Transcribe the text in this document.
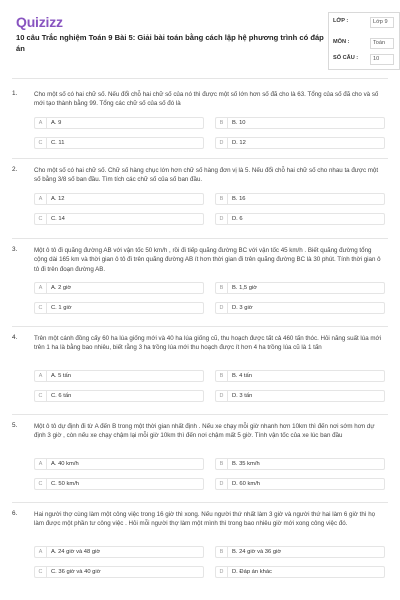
Quizizz
10 câu Trắc nghiệm Toán 9 Bài 5: Giải bài toán bằng cách lập hệ phương trình có đáp án
LỚP :	Lớp 9
MÔN :	Toán
SỐ CÂU :	10
1.	Cho một số có hai chữ số. Nếu đổi chỗ hai chữ số của nó thì được một số lớn hơn số đã cho là 63. Tổng của số đã cho và số mới tạo thành bằng 99. Tổng các chữ số của số đó là
A	A. 9	B	B. 10
C	C. 11	D	D. 12
2.	Cho một số có hai chữ số. Chữ số hàng chục lớn hơn chữ số hàng đơn vị là 5. Nếu đổi chỗ hai chữ số cho nhau ta được một số bằng 3/8 số ban đầu. Tìm tích các chữ số của số ban đầu.
A	A. 12	B	B. 16
C	C. 14	D	D. 6
3.	Một ô tô đi quãng đường AB với vận tốc 50 km/h , rồi đi tiếp quãng đường BC với vận tốc 45 km/h . Biết quãng đường tổng cộng dài 165 km và thời gian ô tô đi trên quãng đường AB ít hơn thời gian đi trên quãng đường BC là 30 phút. Tính thời gian ô tô đi trên đoạn đường AB.
A	A. 2 giờ	B	B. 1,5 giờ
C	C. 1 giờ	D	D. 3 giờ
4.	Trên một cánh đồng cấy 60 ha lúa giống mới và 40 ha lúa giống cũ, thu hoạch được tất cả 460 tấn thóc. Hỏi năng suất lúa mới trên 1 ha là bằng bao nhiêu, biết rằng 3 ha trồng lúa mới thu hoạch được ít hơn 4 ha trồng lúa cũ là 1 tấn
A	A. 5 tấn	B	B. 4 tấn
C	C. 6 tấn	D	D. 3 tấn
5.	Một ô tô dự định đi từ A đến B trong một thời gian nhất định . Nếu xe chạy mỗi giờ nhanh hơn 10km thì đến nơi sớm hơn dự định 3 giờ , còn nếu xe chạy chậm lại mỗi giờ 10km thì đến nơi chậm mất 5 giờ. Tính vận tốc của xe lúc ban đầu
A	A. 40 km/h	B	B. 35 km/h
C	C. 50 km/h	D	D. 60 km/h
6.	Hai người thợ cùng làm một công việc trong 16 giờ thì xong. Nếu người thứ nhất làm 3 giờ và người thứ hai làm 6 giờ thì họ làm được một phần tư công việc . Hỏi mỗi người thợ làm một mình thì trong bao nhiêu giờ mới xong công việc đó.
A	A. 24 giờ và 48 giờ	B	B. 24 giờ và 36 giờ
C	C. 36 giờ và 40 giờ	D	D. Đáp án khác
